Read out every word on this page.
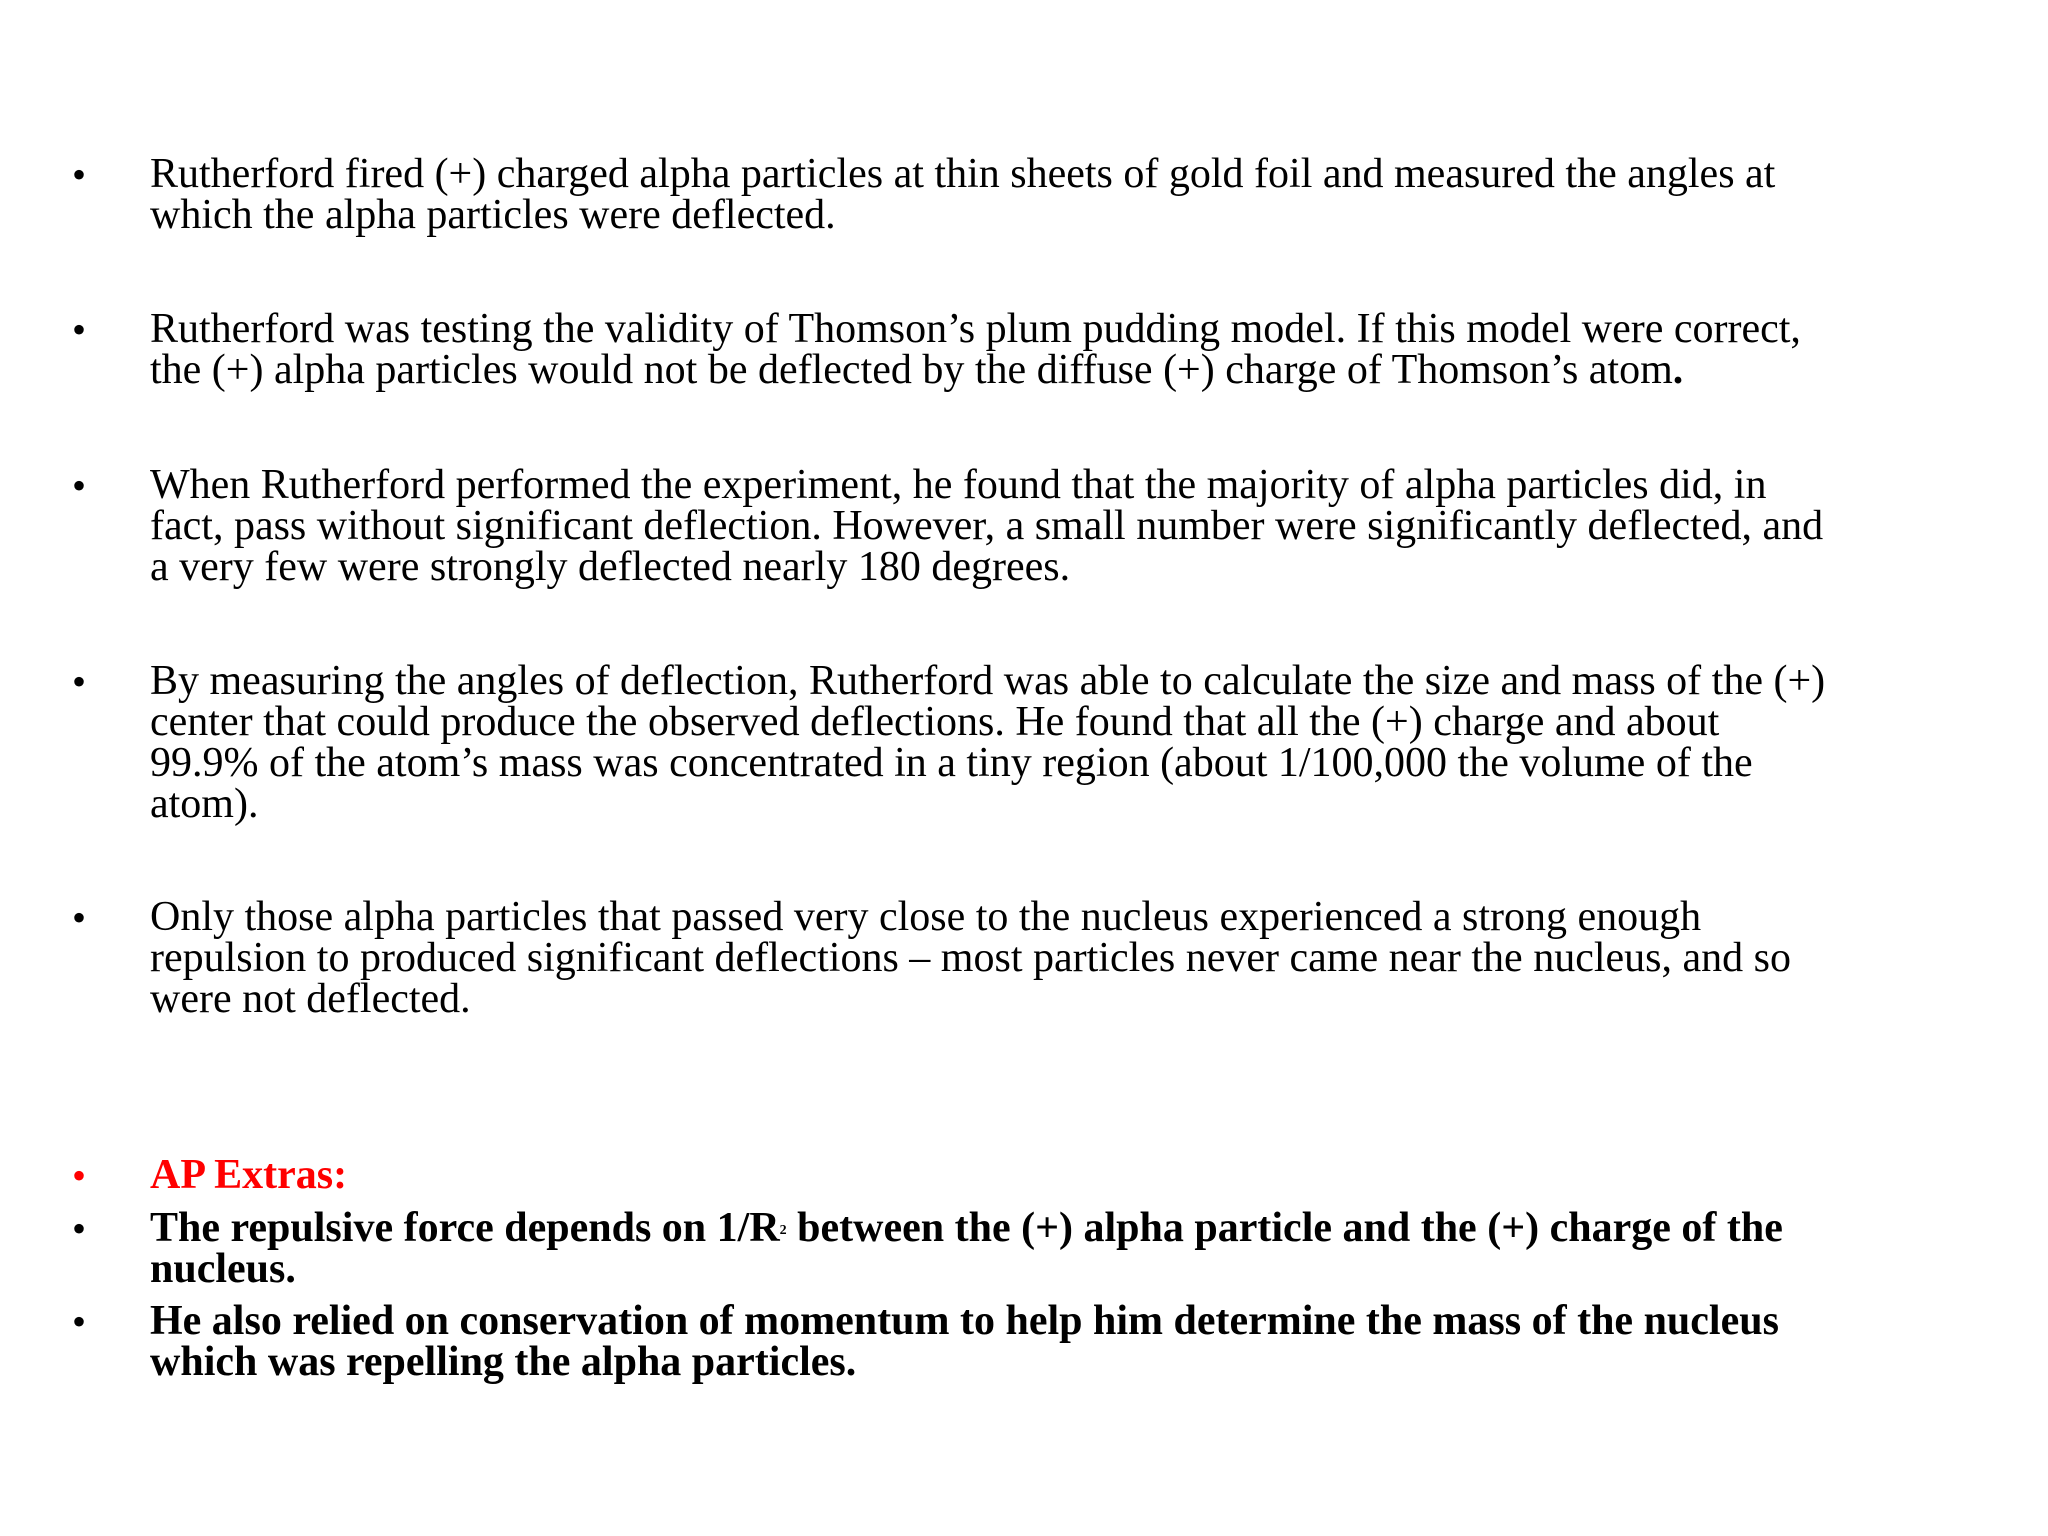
• Rutherford fired (+) charged alpha particles at thin sheets of gold foil and measured the angles at
which the alpha particles were deflected.
• Rutherford was testing the validity of Thomson’s plum pudding model. If this model were correct,
the (+) alpha particles would not be deflected by the diffuse (+) charge of Thomson’s atom.
• When Rutherford performed the experiment, he found that the majority of alpha particles did, in
fact, pass without significant deflection. However, a small number were significantly deflected, and
a very few were strongly deflected nearly 180 degrees.
• By measuring the angles of deflection, Rutherford was able to calculate the size and mass of the (+)
center that could produce the observed deflections. He found that all the (+) charge and about
99.9% of the atom’s mass was concentrated in a tiny region (about 1/100,000 the volume of the
atom).
• Only those alpha particles that passed very close to the nucleus experienced a strong enough
repulsion to produced significant deflections – most particles never came near the nucleus, and so
were not deflected.
• AP Extras:
• The repulsive force depends on $1/R^2$ between the (+) alpha particle and the (+) charge of the
nucleus.
• He also relied on conservation of momentum to help him determine the mass of the nucleus
which was repelling the alpha particles.
